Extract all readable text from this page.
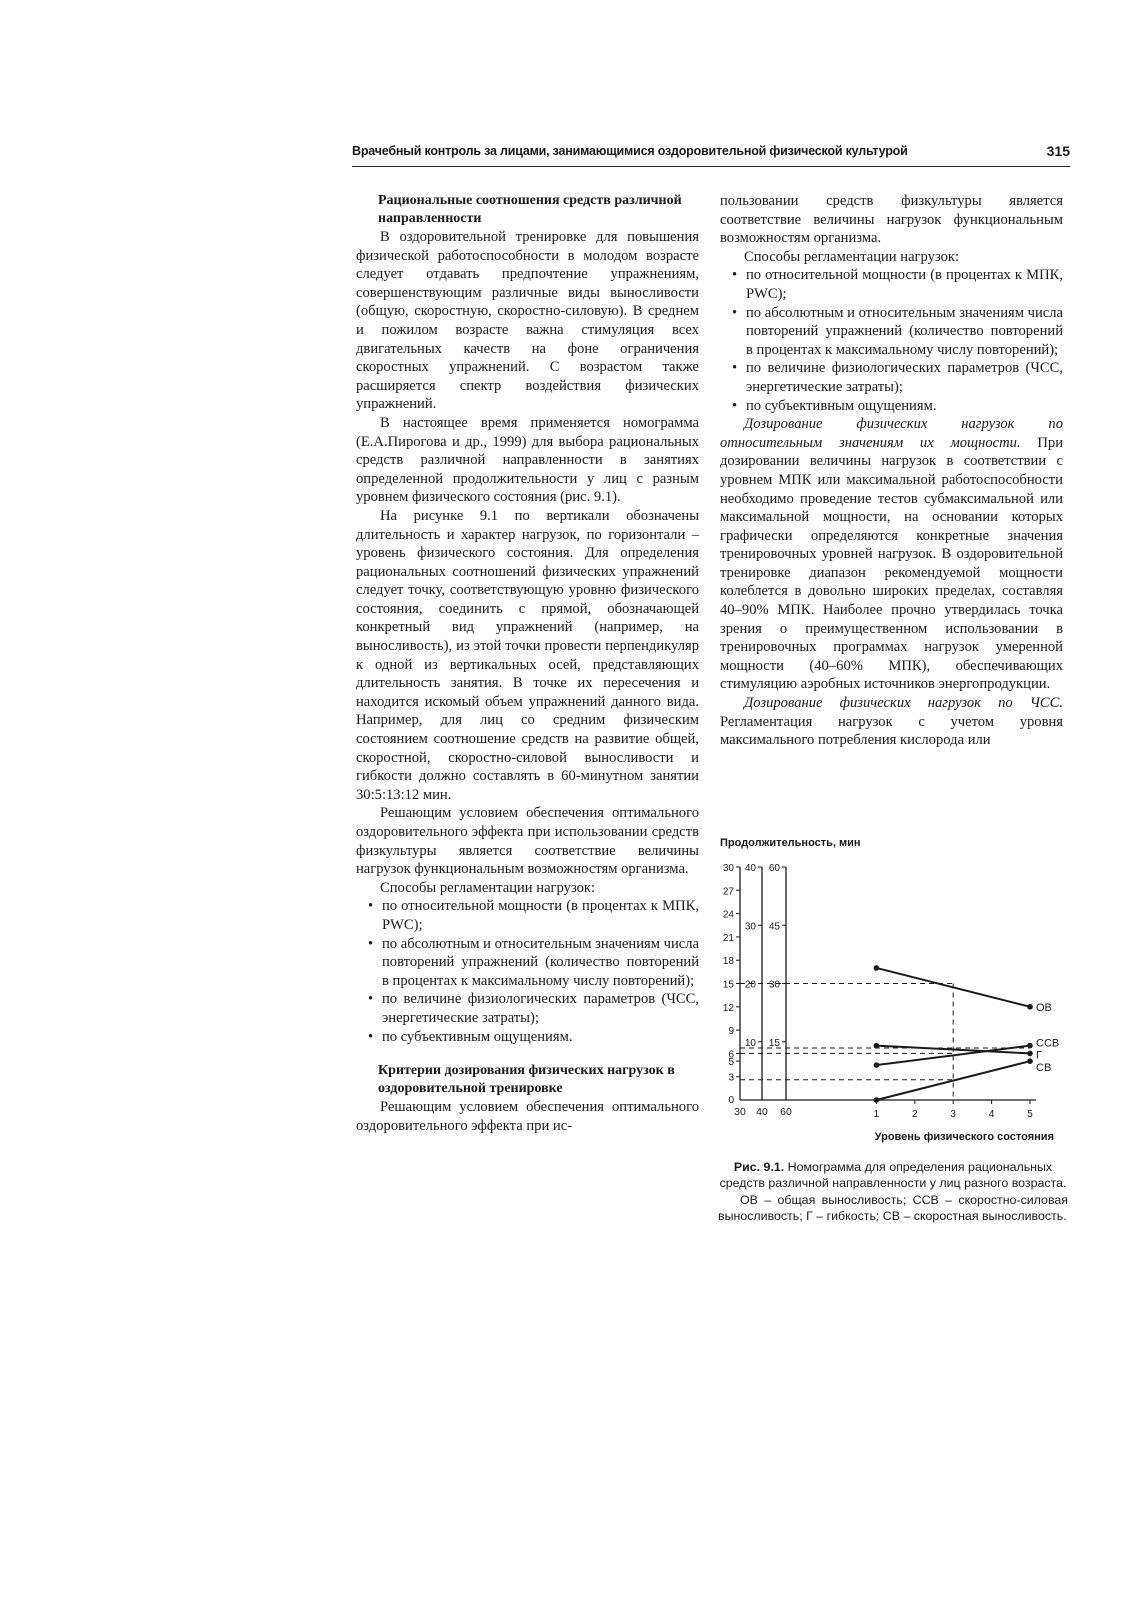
Врачебный контроль за лицами, занимающимися оздоровительной физической культурой	315

Рациональные соотношения средств различной направленности

В оздоровительной тренировке для повышения физической работоспособности в молодом возрасте следует отдавать предпочтение упражнениям, совершенствующим различные виды выносливости (общую, скоростную, скоростно-силовую). В среднем и пожилом возрасте важна стимуляция всех двигательных качеств на фоне ограничения скоростных упражнений. С возрастом также расширяется спектр воздействия физических упражнений.

В настоящее время применяется номограмма (Е.А.Пирогова и др., 1999) для выбора рациональных средств различной направленности в занятиях определенной продолжительности у лиц с разным уровнем физического состояния (рис. 9.1).

На рисунке 9.1 по вертикали обозначены длительность и характер нагрузок, по горизонтали – уровень физического состояния. Для определения рациональных соотношений физических упражнений следует точку, соответствующую уровню физического состояния, соединить с прямой, обозначающей конкретный вид упражнений (например, на выносливость), из этой точки провести перпендикуляр к одной из вертикальных осей, представляющих длительность занятия. В точке их пересечения и находится искомый объем упражнений данного вида. Например, для лиц со средним физическим состоянием соотношение средств на развитие общей, скоростной, скоростно-силовой выносливости и гибкости должно составлять в 60-минутном занятии 30:5:13:12 мин.

Решающим условием обеспечения оптимального оздоровительного эффекта при использовании средств физкультуры является соответствие величины нагрузок функциональным возможностям организма.

Способы регламентации нагрузок:

• по относительной мощности (в процентах к МПК, PWC);
• по абсолютным и относительным значениям числа повторений упражнений (количество повторений в процентах к максимальному числу повторений);
• по величине физиологических параметров (ЧСС, энергетические затраты);
• по субъективным ощущениям.

Критерии дозирования физических нагрузок в оздоровительной тренировке

Решающим условием обеспечения оптимального оздоровительного эффекта при ис-

пользовании средств физкультуры является соответствие величины нагрузок функциональным возможностям организма.

Способы регламентации нагрузок:

• по относительной мощности (в процентах к МПК, PWC);
• по абсолютным и относительным значениям числа повторений упражнений (количество повторений в процентах к максимальному числу повторений);
• по величине физиологических параметров (ЧСС, энергетические затраты);
• по субъективным ощущениям.

Дозирование физических нагрузок по относительным значениям их мощности. При дозировании величины нагрузок в соответствии с уровнем МПК или максимальной работоспособности необходимо проведение тестов субмаксимальной или максимальной мощности, на основании которых графически определяются конкретные значения тренировочных уровней нагрузок. В оздоровительной тренировке диапазон рекомендуемой мощности колеблется в довольно широких пределах, составляя 40–90% МПК. Наиболее прочно утвердилась точка зрения о преимущественном использовании в тренировочных программах нагрузок умеренной мощности (40–60% МПК), обеспечивающих стимуляцию аэробных источников энергопродукции.

Дозирование физических нагрузок по ЧСС. Регламентация нагрузок с учетом уровня максимального потребления кислорода или

Продолжительность, мин
30
27
24
21
18
15
12
9
6
5
3
40
30
20
10
60
45
30
15
0
30 40 60	1	2	3	4	5
Уровень физического состояния
ОВ
ССВ
Г
СВ
Рис. 9.1. Номограмма для определения рациональных средств различной направленности у лиц разного возраста.
ОВ – общая выносливость; ССВ – скоростно-силовая выносливость; Г – гибкость; СВ – скоростная выносливость.
